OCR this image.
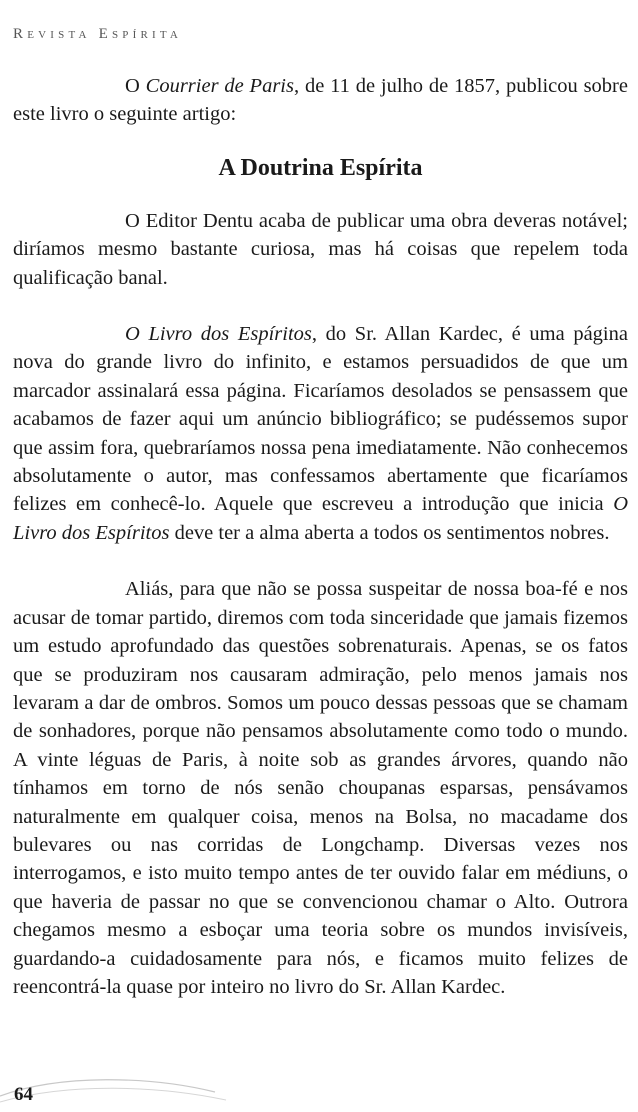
Revista Espírita

O Courrier de Paris, de 11 de julho de 1857, publicou sobre este livro o seguinte artigo:

A Doutrina Espírita

O Editor Dentu acaba de publicar uma obra deveras notável; diríamos mesmo bastante curiosa, mas há coisas que repelem toda qualificação banal.

O Livro dos Espíritos, do Sr. Allan Kardec, é uma página nova do grande livro do infinito, e estamos persuadidos de que um marcador assinalará essa página. Ficaríamos desolados se pensassem que acabamos de fazer aqui um anúncio bibliográfico; se pudéssemos supor que assim fora, quebraríamos nossa pena imediatamente. Não conhecemos absolutamente o autor, mas confessamos abertamente que ficaríamos felizes em conhecê-lo. Aquele que escreveu a introdução que inicia O Livro dos Espíritos deve ter a alma aberta a todos os sentimentos nobres.

Aliás, para que não se possa suspeitar de nossa boa-fé e nos acusar de tomar partido, diremos com toda sinceridade que jamais fizemos um estudo aprofundado das questões sobrenaturais. Apenas, se os fatos que se produziram nos causaram admiração, pelo menos jamais nos levaram a dar de ombros. Somos um pouco dessas pessoas que se chamam de sonhadores, porque não pensamos absolutamente como todo o mundo. A vinte léguas de Paris, à noite sob as grandes árvores, quando não tínhamos em torno de nós senão choupanas esparsas, pensávamos naturalmente em qualquer coisa, menos na Bolsa, no macadame dos bulevares ou nas corridas de Longchamp. Diversas vezes nos interrogamos, e isto muito tempo antes de ter ouvido falar em médiuns, o que haveria de passar no que se convencionou chamar o Alto. Outrora chegamos mesmo a esboçar uma teoria sobre os mundos invisíveis, guardando-a cuidadosamente para nós, e ficamos muito felizes de reencontrá-la quase por inteiro no livro do Sr. Allan Kardec.

64
